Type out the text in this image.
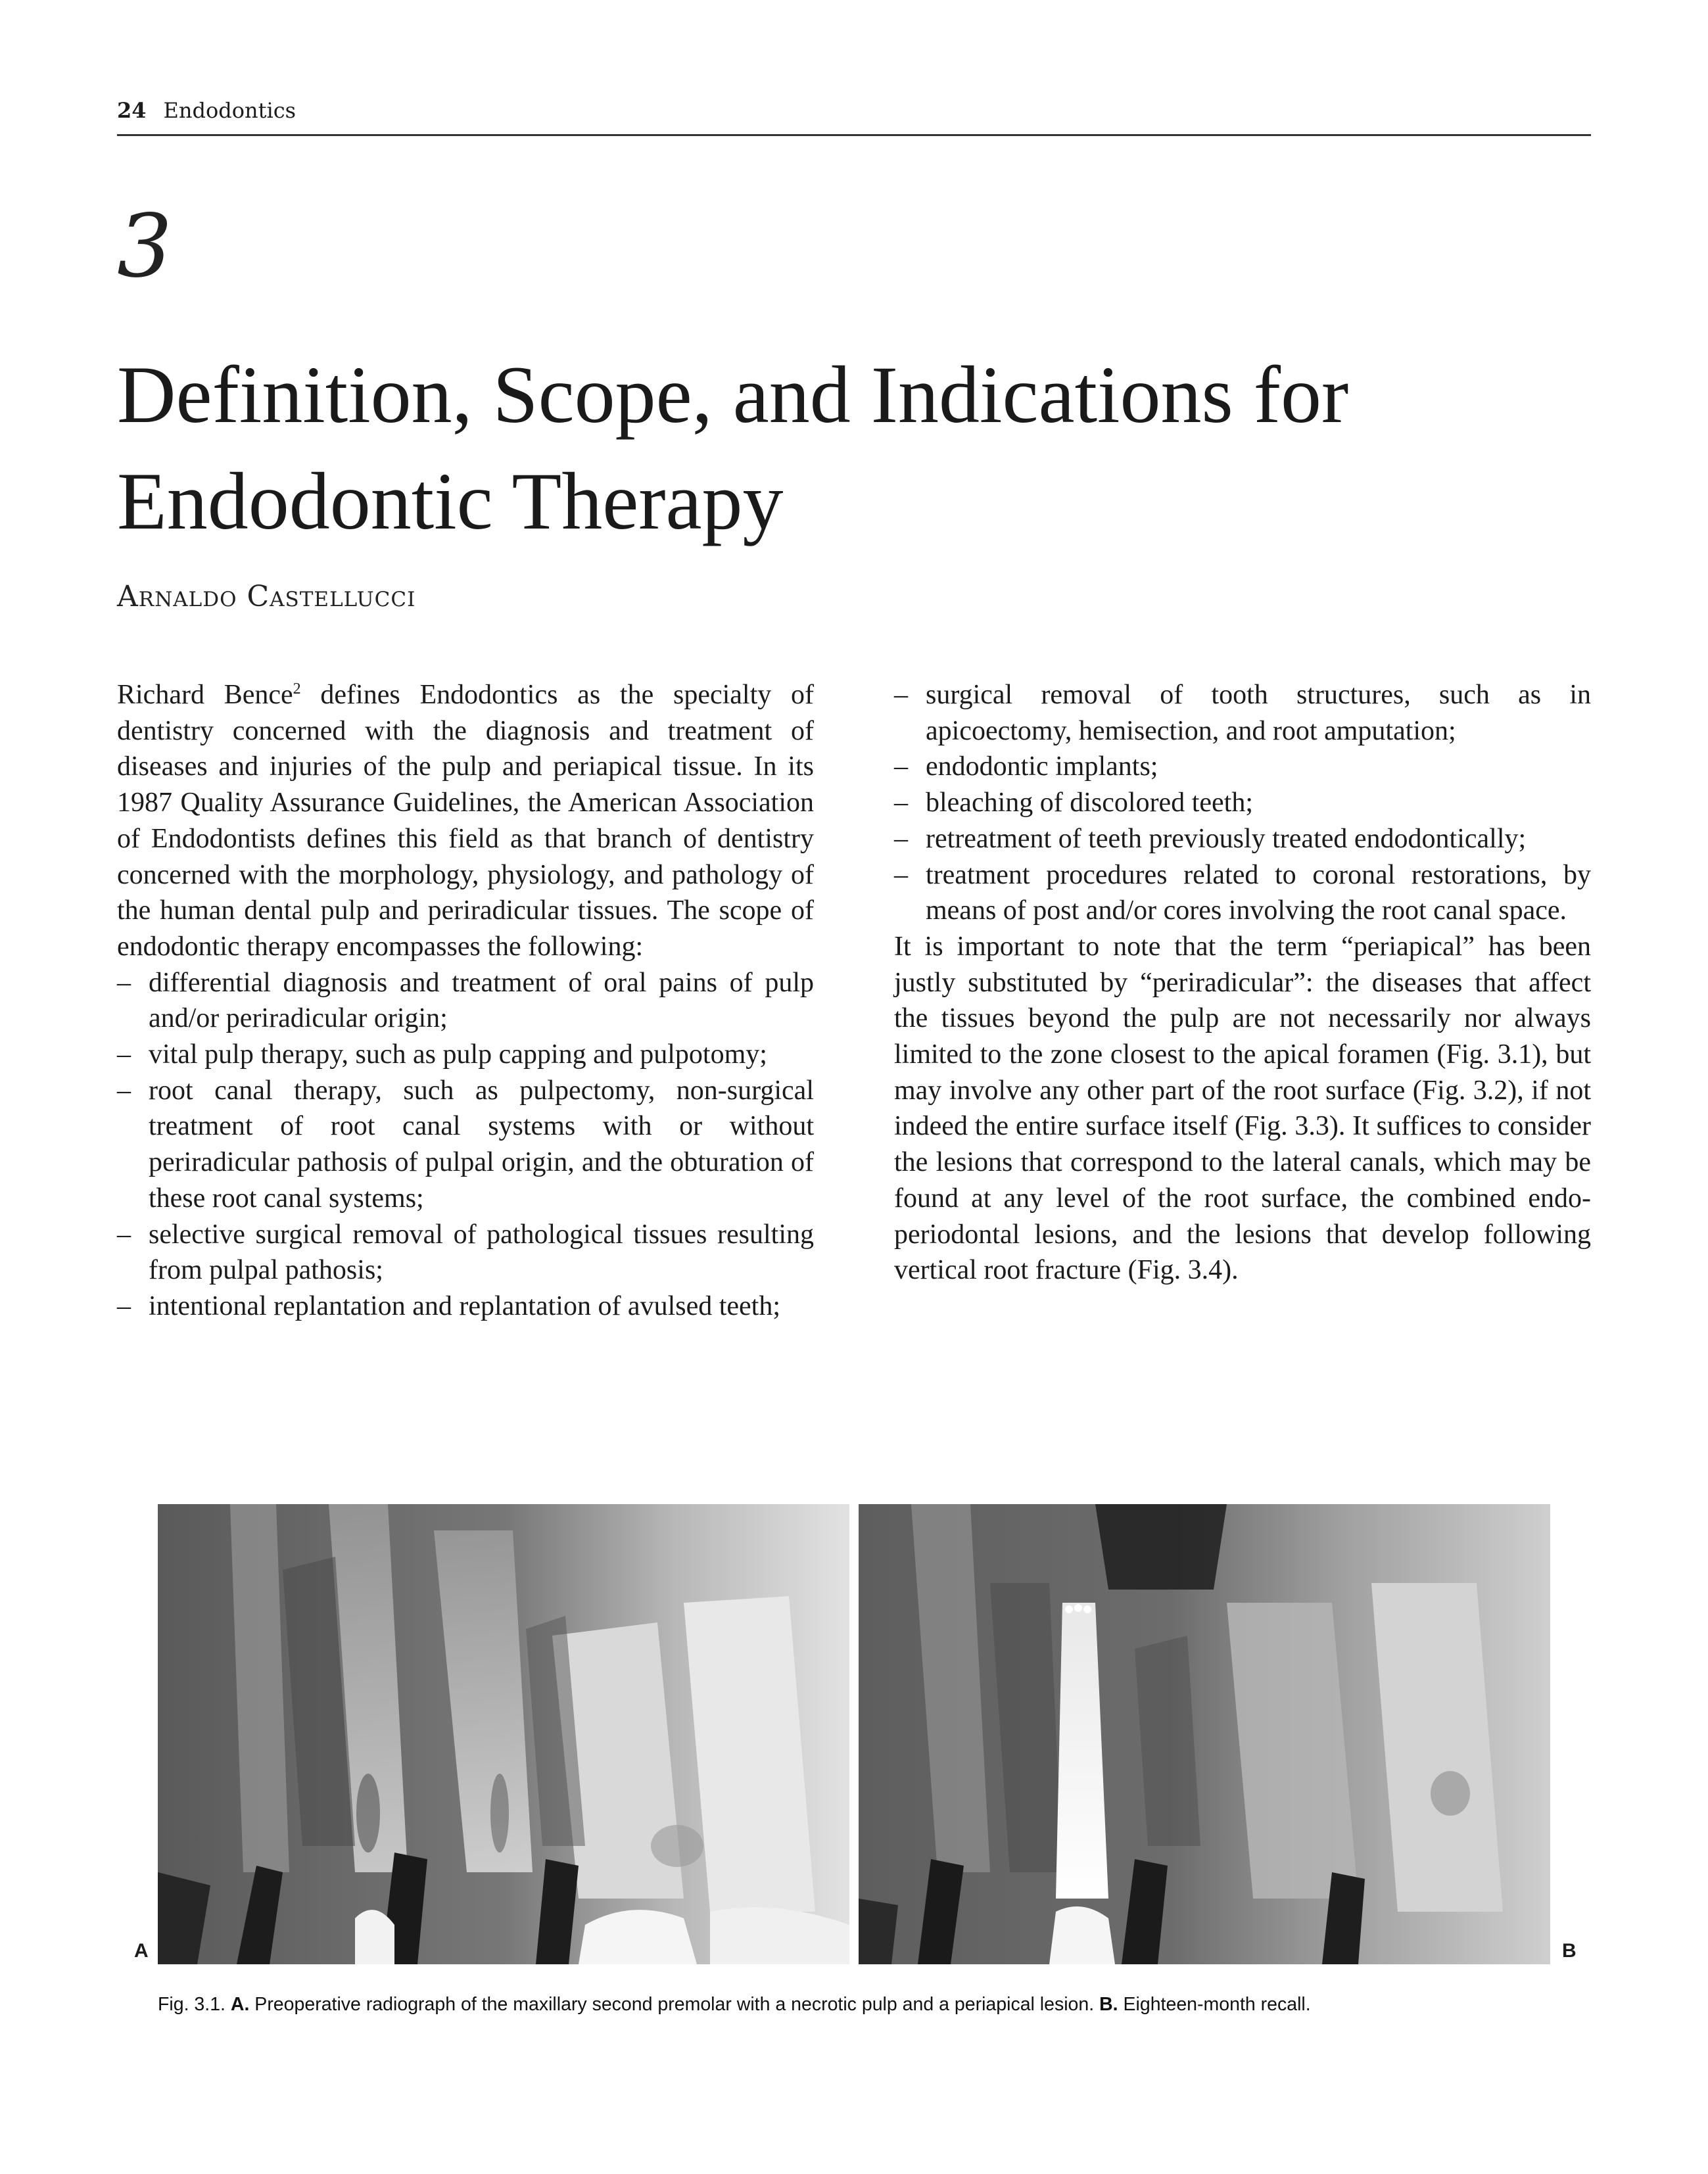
24 Endodontics
3
Definition, Scope, and Indications for Endodontic Therapy
Arnaldo Castellucci

Richard Bence$^2$ defines Endodontics as the specialty of dentistry concerned with the diagnosis and treatment of diseases and injuries of the pulp and periapical tissue. In its 1987 Quality Assurance Guidelines, the American Association of Endodontists defines this field as that branch of dentistry concerned with the morphology, physiology, and pathology of the human dental pulp and periradicular tissues. The scope of endodontic therapy encompasses the following:

– differential diagnosis and treatment of oral pains of pulp and/or periradicular origin;
– vital pulp therapy, such as pulp capping and pulpotomy;
– root canal therapy, such as pulpectomy, non-surgical treatment of root canal systems with or without periradicular pathosis of pulpal origin, and the obturation of these root canal systems;
– selective surgical removal of pathological tissues resulting from pulpal pathosis;
– intentional replantation and replantation of avulsed teeth;
– surgical removal of tooth structures, such as in apicoectomy, hemisection, and root amputation;
– endodontic implants;
– bleaching of discolored teeth;
– retreatment of teeth previously treated endodontically;
– treatment procedures related to coronal restorations, by means of post and/or cores involving the root canal space.

It is important to note that the term “periapical” has been justly substituted by “periradicular”: the diseases that affect the tissues beyond the pulp are not necessarily nor always limited to the zone closest to the apical foramen (Fig. 3.1), but may involve any other part of the root surface (Fig. 3.2), if not indeed the entire surface itself (Fig. 3.3). It suffices to consider the lesions that correspond to the lateral canals, which may be found at any level of the root surface, the combined endo-periodontal lesions, and the lesions that develop following vertical root fracture (Fig. 3.4).

A	B
Fig. 3.1. A. Preoperative radiograph of the maxillary second premolar with a necrotic pulp and a periapical lesion. B. Eighteen-month recall.
